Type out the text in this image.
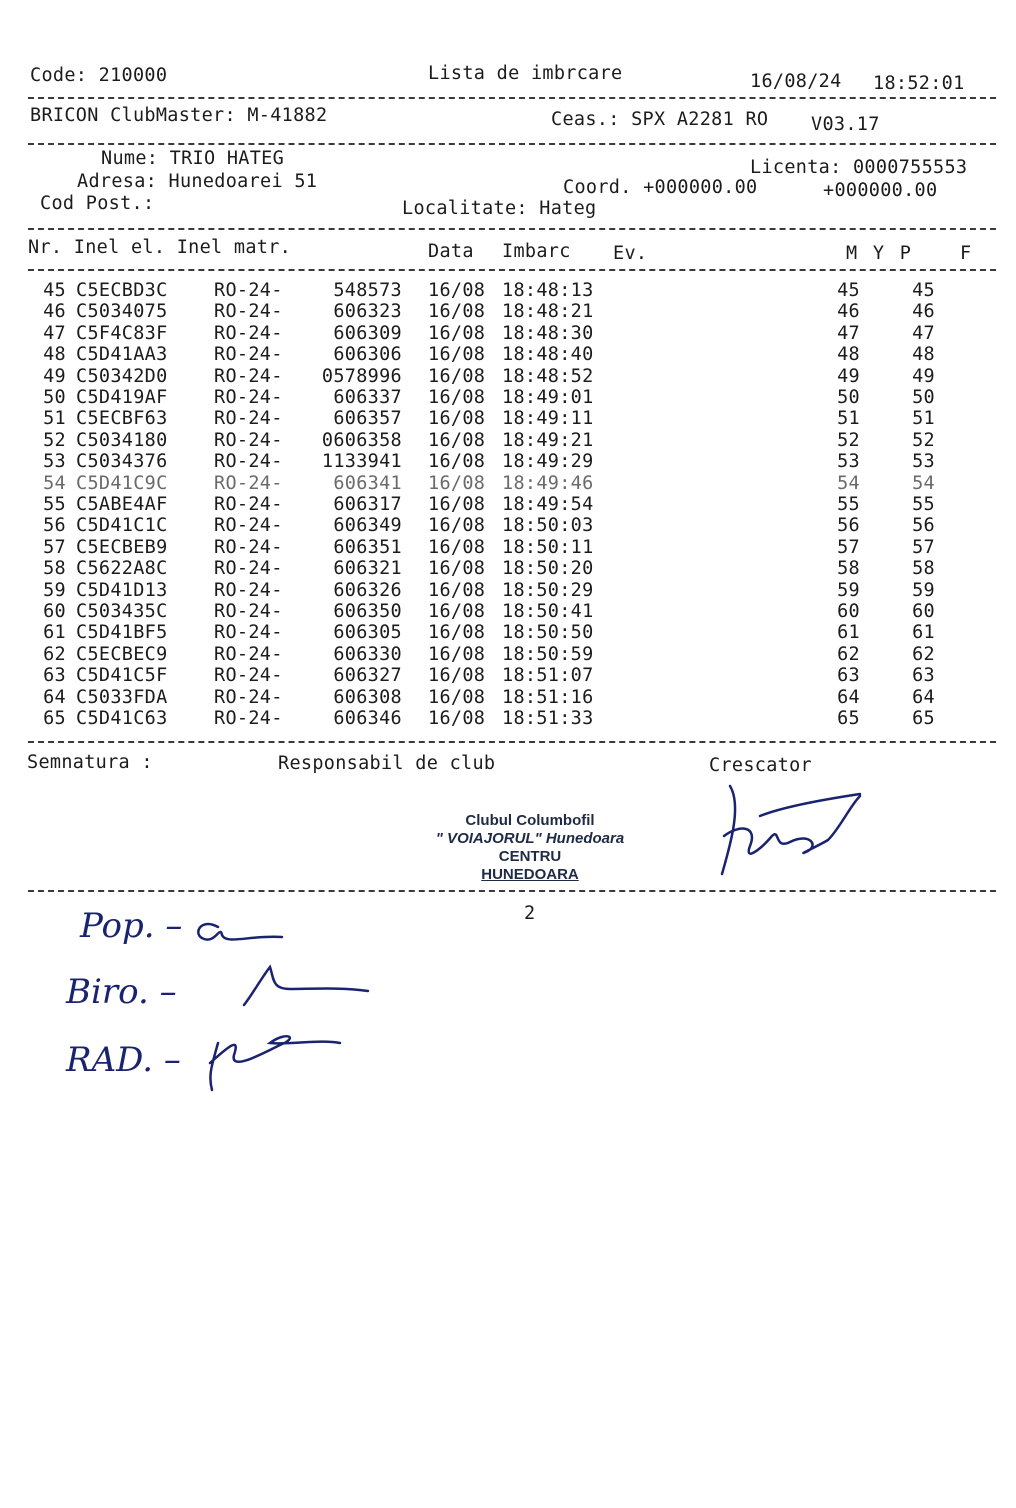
Code: 210000	Lista de imbrcare	16/08/24 18:52:01
BRICON ClubMaster: M-41882	Ceas.: SPX A2281 RO V03.17
Nume: TRIO HATEG
Adresa: Hunedoarei 51
Cod Post.:
Licenta: 0000755553
Coord. +000000.00	+000000.00
Localitate: Hateg
Nr. Inel el. Inel matr.	Data Imbarc Ev.	M Y P	F
45 C5ECBD3C	RO-24-	548573 16/08 18:48:13	45	45
46 C5034075	RO-24-	606323 16/08 18:48:21	46	46
47 C5F4C83F	RO-24-	606309 16/08 18:48:30	47	47
48 C5D41AA3	RO-24-	606306 16/08 18:48:40	48	48
49 C50342D0	RO-24-	0578996 16/08 18:48:52	49	49
50 C5D419AF	RO-24-	606337 16/08 18:49:01	50	50
51 C5ECBF63	RO-24-	606357 16/08 18:49:11	51	51
52 C5034180	RO-24-	0606358 16/08 18:49:21	52	52
53 C5034376	RO-24-	1133941 16/08 18:49:29	53	53
54 C5D41C9C	RO-24-	606341 16/08 18:49:46	54	54
55 C5ABE4AF	RO-24-	606317 16/08 18:49:54	55	55
56 C5D41C1C	RO-24-	606349 16/08 18:50:03	56	56
57 C5ECBEB9	RO-24-	606351 16/08 18:50:11	57	57
58 C5622A8C	RO-24-	606321 16/08 18:50:20	58	58
59 C5D41D13	RO-24-	606326 16/08 18:50:29	59	59
60 C503435C	RO-24-	606350 16/08 18:50:41	60	60
61 C5D41BF5	RO-24-	606305 16/08 18:50:50	61	61
62 C5ECBEC9	RO-24-	606330 16/08 18:50:59	62	62
63 C5D41C5F	RO-24-	606327 16/08 18:51:07	63	63
64 C5033FDA	RO-24-	606308 16/08 18:51:16	64	64
65 C5D41C63	RO-24-	606346 16/08 18:51:33	65	65
Semnatura :	Responsabil de club	Crescator
Clubul Columbofil
" VOIAJORUL" Hunedoara
CENTRU
HUNEDOARA
2
Pop. –
Biro. –
RAD. –
